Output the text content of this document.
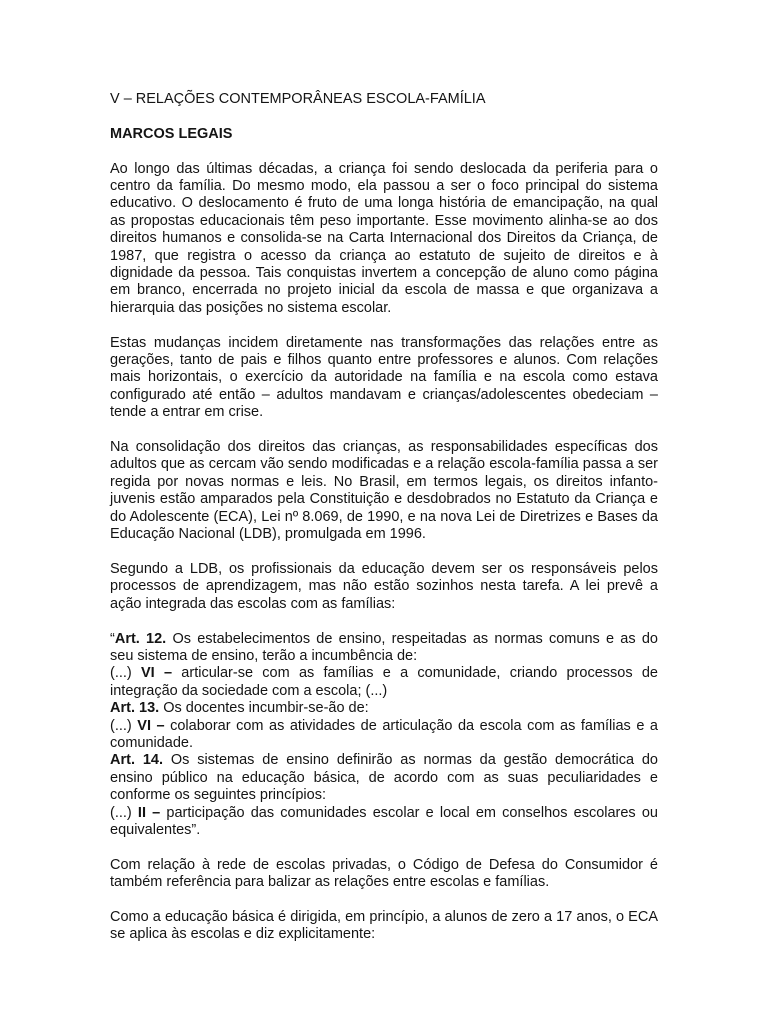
V – RELAÇÕES CONTEMPORÂNEAS ESCOLA-FAMÍLIA
MARCOS LEGAIS

Ao longo das últimas décadas, a criança foi sendo deslocada da periferia para o centro da família. Do mesmo modo, ela passou a ser o foco principal do sistema educativo. O deslocamento é fruto de uma longa história de emancipação, na qual as propostas educacionais têm peso importante. Esse movimento alinha-se ao dos direitos humanos e consolida-se na Carta Internacional dos Direitos da Criança, de 1987, que registra o acesso da criança ao estatuto de sujeito de direitos e à dignidade da pessoa. Tais conquistas invertem a concepção de aluno como página em branco, encerrada no projeto inicial da escola de massa e que organizava a hierarquia das posições no sistema escolar.

Estas mudanças incidem diretamente nas transformações das relações entre as gerações, tanto de pais e filhos quanto entre professores e alunos. Com relações mais horizontais, o exercício da autoridade na família e na escola como estava configurado até então – adultos mandavam e crianças/adolescentes obedeciam – tende a entrar em crise.

Na consolidação dos direitos das crianças, as responsabilidades específicas dos adultos que as cercam vão sendo modificadas e a relação escola-família passa a ser regida por novas normas e leis. No Brasil, em termos legais, os direitos infanto-juvenis estão amparados pela Constituição e desdobrados no Estatuto da Criança e do Adolescente (ECA), Lei nº 8.069, de 1990, e na nova Lei de Diretrizes e Bases da Educação Nacional (LDB), promulgada em 1996.

Segundo a LDB, os profissionais da educação devem ser os responsáveis pelos processos de aprendizagem, mas não estão sozinhos nesta tarefa. A lei prevê a ação integrada das escolas com as famílias:

“Art. 12. Os estabelecimentos de ensino, respeitadas as normas comuns e as do seu sistema de ensino, terão a incumbência de:

(...) VI – articular-se com as famílias e a comunidade, criando processos de integração da sociedade com a escola; (...)

Art. 13. Os docentes incumbir-se-ão de:

(...) VI – colaborar com as atividades de articulação da escola com as famílias e a comunidade.

Art. 14. Os sistemas de ensino definirão as normas da gestão democrática do ensino público na educação básica, de acordo com as suas peculiaridades e conforme os seguintes princípios:

(...) II – participação das comunidades escolar e local em conselhos escolares ou equivalentes”.

Com relação à rede de escolas privadas, o Código de Defesa do Consumidor é também referência para balizar as relações entre escolas e famílias.

Como a educação básica é dirigida, em princípio, a alunos de zero a 17 anos, o ECA se aplica às escolas e diz explicitamente:
